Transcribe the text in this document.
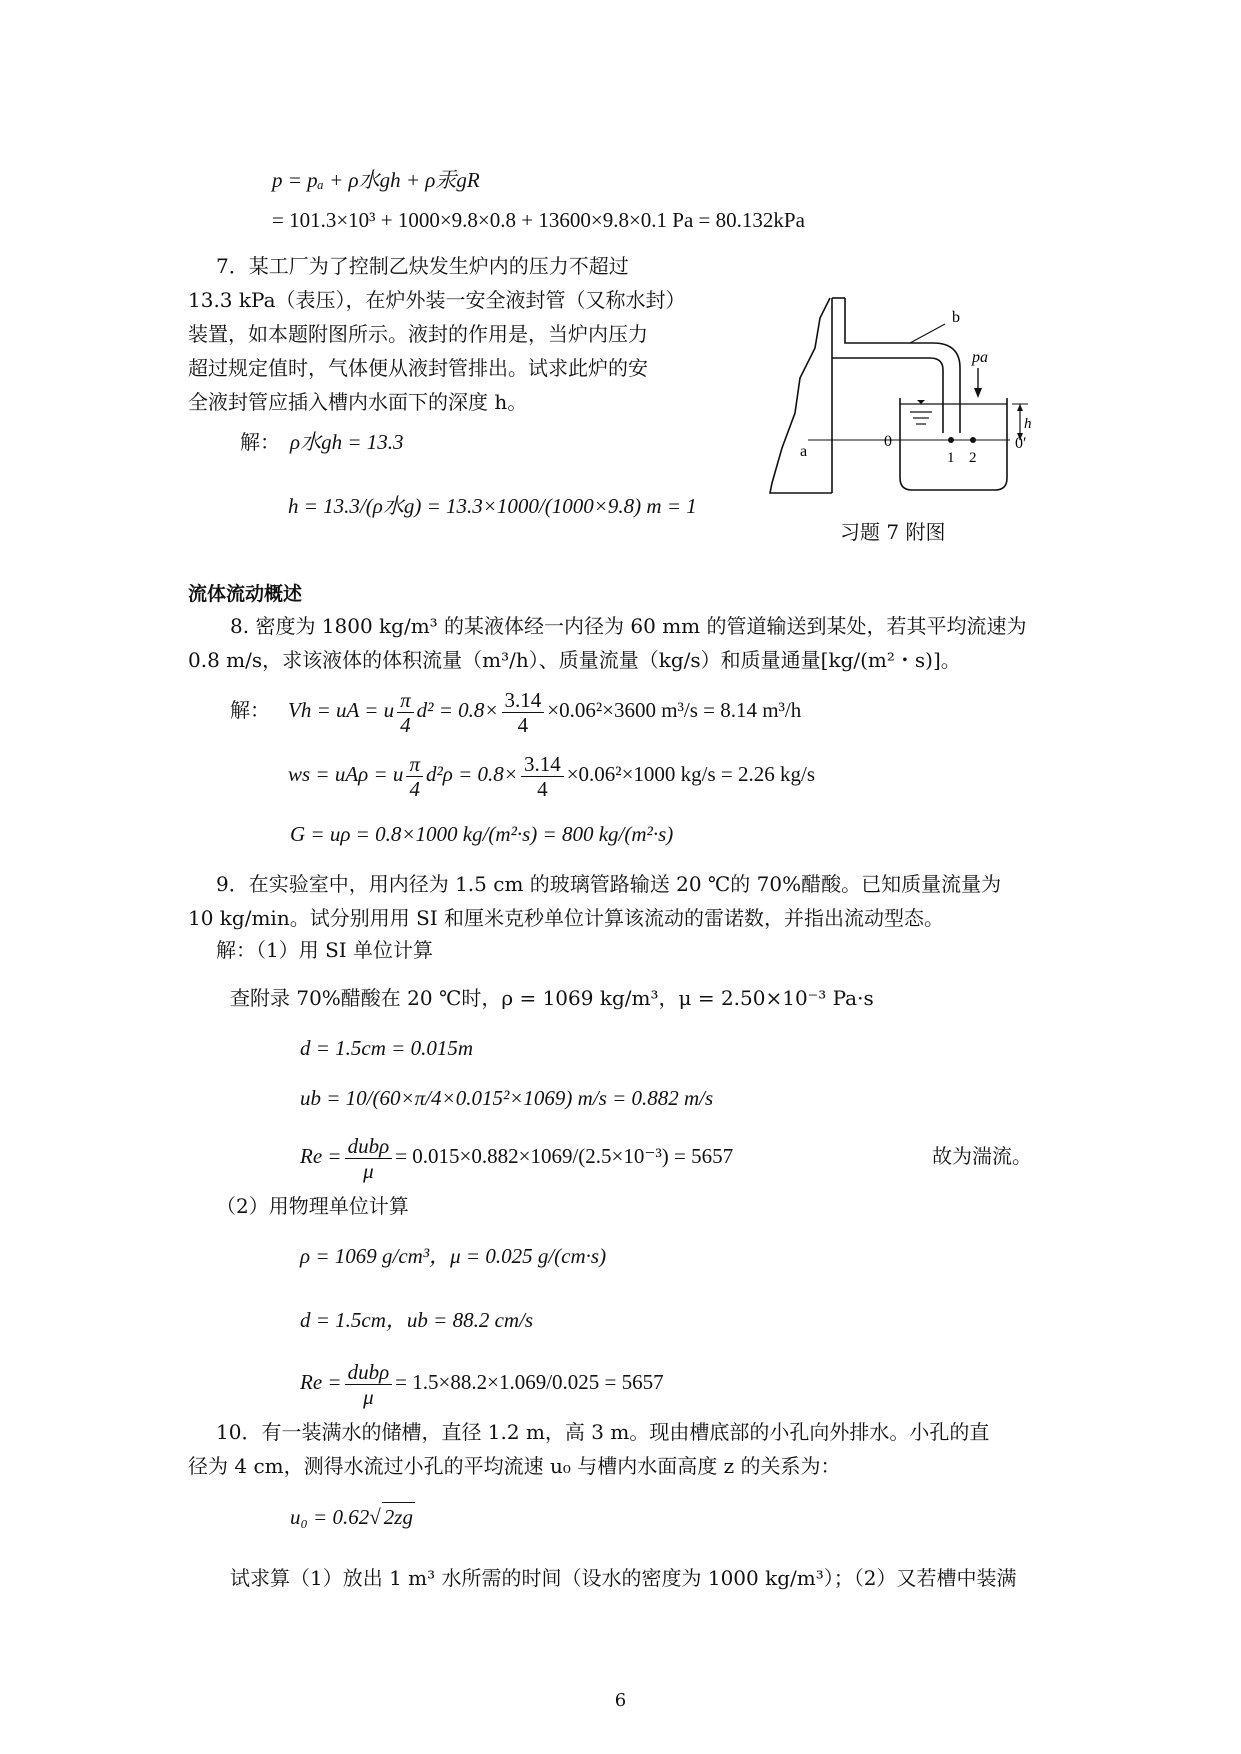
p = pₐ + ρ水gh + ρ汞gR
= 101.3×10³ + 1000×9.8×0.8 + 13600×9.8×0.1 Pa = 80.132kPa
7．某工厂为了控制乙炔发生炉内的压力不超过
13.3 kPa（表压），在炉外装一安全液封管（又称水封）
装置，如本题附图所示。液封的作用是，当炉内压力
超过规定值时，气体便从液封管排出。试求此炉的安
全液封管应插入槽内水面下的深度 h。
解： ρ水gh = 13.3
h = 13.3/(ρ水g) = 13.3×1000/(1000×9.8) m = 1
a
b
pa
h
0	0′
1 2
习题 7 附图
流体流动概述
8. 密度为 1800 kg/m³ 的某液体经一内径为 60 mm 的管道输送到某处，若其平均流速为
0.8 m/s，求该液体的体积流量（m³/h）、质量流量（kg/s）和质量通量[kg/(m²・s)]。
解： Vh = uA = u $\frac{\pi}{4} d^2 = 0.8\times \frac{3.14}{4} \times 0.06^2\times 3600$ m³/s = 8.14 m³/h
ws = uAρ = u $\frac{\pi}{4} d^2\rho = 0.8\times \frac{3.14}{4} \times 0.06^2\times 1000$ kg/s = 2.26 kg/s
G = uρ = 0.8×1000 kg/(m²·s) = 800 kg/(m²·s)
9．在实验室中，用内径为 1.5 cm 的玻璃管路输送 20 ℃的 70%醋酸。已知质量流量为
10 kg/min。试分别用用 SI 和厘米克秒单位计算该流动的雷诺数，并指出流动型态。
解：（1）用 SI 单位计算
查附录 70%醋酸在 20 ℃时，ρ = 1069 kg/m³，μ = 2.50×10⁻³ Pa·s
d = 1.5cm = 0.015m
ub = 10/(60×π/4×0.015²×1069) m/s = 0.882 m/s
$Re = \frac{\text{dubρ}}{\mu} = 0.015\times 0.882\times 1069/(2.5\times 10^{-3}) = 5657$	故为湍流。
（2）用物理单位计算
ρ = 1069 g/cm³，μ = 0.025 g/(cm·s)
d = 1.5cm，ub = 88.2 cm/s
$Re = \frac{\text{dubρ}}{\mu} = 1.5\times 88.2\times 1.069/0.025 = 5657$
10．有一装满水的储槽，直径 1.2 m，高 3 m。现由槽底部的小孔向外排水。小孔的直
径为 4 cm，测得水流过小孔的平均流速 u₀ 与槽内水面高度 z 的关系为：
u₀ = 0.62√ 2zg
试求算（1）放出 1 m³ 水所需的时间（设水的密度为 1000 kg/m³）；（2）又若槽中装满
6
